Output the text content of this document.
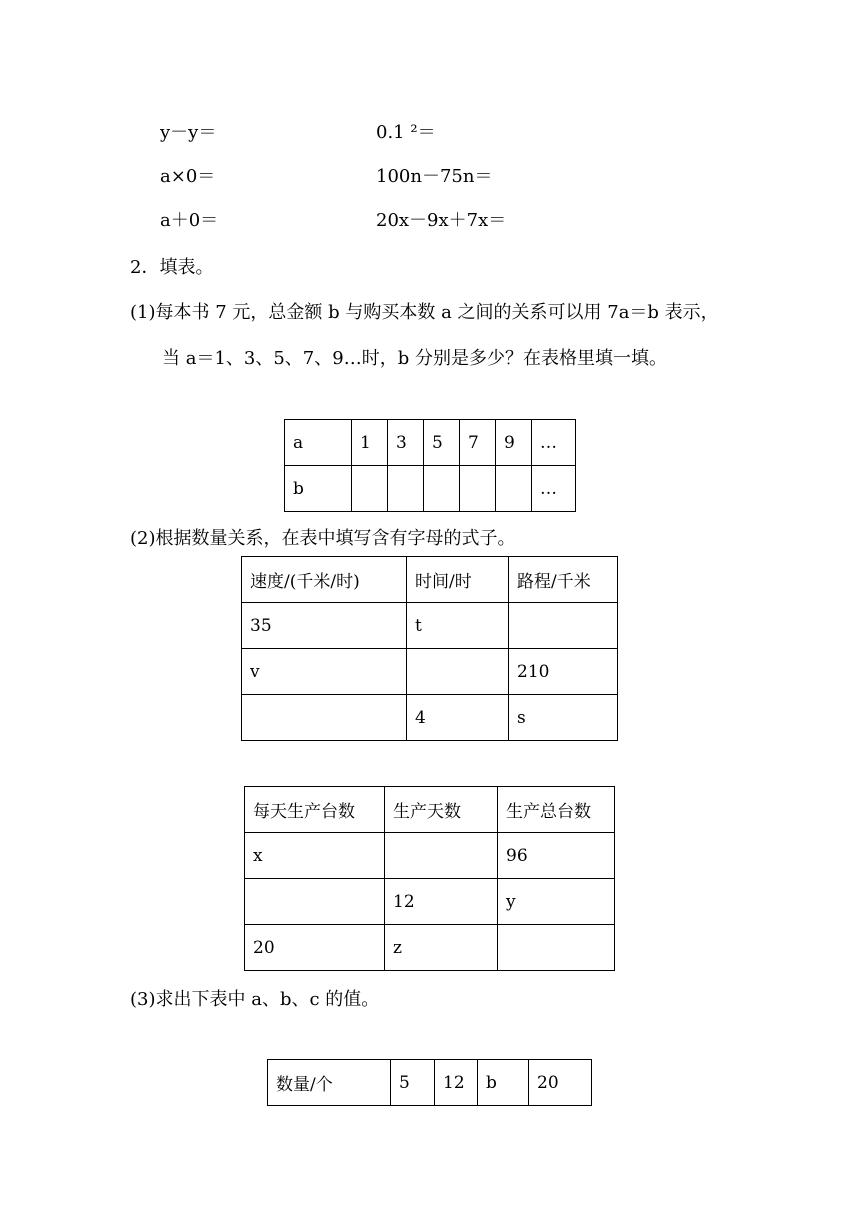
y－y＝	0.1 ²＝
a×0＝	100n－75n＝
a＋0＝	20x－9x＋7x＝
2．填表。
(1)每本书 7 元，总金额 b 与购买本数 a 之间的关系可以用 7a＝b 表示，
当 a＝1、3、5、7、9…时，b 分别是多少？在表格里填一填。
a	1	3	5	7	9	…
b						…
(2)根据数量关系，在表中填写含有字母的式子。
速度/(千米/时)	时间/时	路程/千米
35	t	
v		210
	4	s
每天生产台数	生产天数	生产总台数
x		96
	12	y
20	z	
(3)求出下表中 a、b、c 的值。
数量/个	5	12	b	20
